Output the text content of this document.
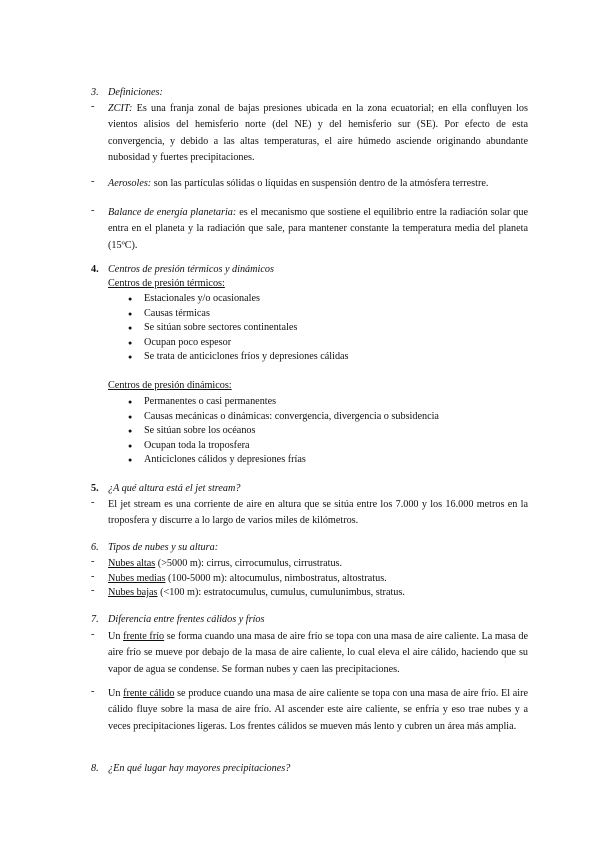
3. Definiciones:
- ZCIT: Es una franja zonal de bajas presiones ubicada en la zona ecuatorial; en ella confluyen los vientos alisios del hemisferio norte (del NE) y del hemisferio sur (SE). Por efecto de esta convergencia, y debido a las altas temperaturas, el aire húmedo asciende originando abundante nubosidad y fuertes precipitaciones.
- Aerosoles: son las partículas sólidas o líquidas en suspensión dentro de la atmósfera terrestre.
- Balance de energía planetaria: es el mecanismo que sostiene el equilibrio entre la radiación solar que entra en el planeta y la radiación que sale, para mantener constante la temperatura media del planeta (15ºC).
4. Centros de presión térmicos y dinámicos
Centros de presión térmicos:
● Estacionales y/o ocasionales
● Causas térmicas
● Se sitúan sobre sectores continentales
● Ocupan poco espesor
● Se trata de anticiclones fríos y depresiones cálidas
Centros de presión dinámicos:
● Permanentes o casi permanentes
● Causas mecánicas o dinámicas: convergencia, divergencia o subsidencia
● Se sitúan sobre los océanos
● Ocupan toda la troposfera
● Anticiclones cálidos y depresiones frías
5. ¿A qué altura está el jet stream?
- El jet stream es una corriente de aire en altura que se sitúa entre los 7.000 y los 16.000 metros en la troposfera y discurre a lo largo de varios miles de kilómetros.
6. Tipos de nubes y su altura:
- Nubes altas (>5000 m): cirrus, cirrocumulus, cirrustratus.
- Nubes medias (100-5000 m): altocumulus, nimbostratus, altostratus.
- Nubes bajas (<100 m): estratocumulus, cumulus, cumulunimbus, stratus.
7. Diferencia entre frentes cálidos y fríos
- Un frente frío se forma cuando una masa de aire frío se topa con una masa de aire caliente. La masa de aire frío se mueve por debajo de la masa de aire caliente, lo cual eleva el aire cálido, haciendo que su vapor de agua se condense. Se forman nubes y caen las precipitaciones.
- Un frente cálido se produce cuando una masa de aire caliente se topa con una masa de aire frío. El aire cálido fluye sobre la masa de aire frío. Al ascender este aire caliente, se enfría y eso trae nubes y a veces precipitaciones ligeras. Los frentes cálidos se mueven más lento y cubren un área más amplia.
8. ¿En qué lugar hay mayores precipitaciones?
